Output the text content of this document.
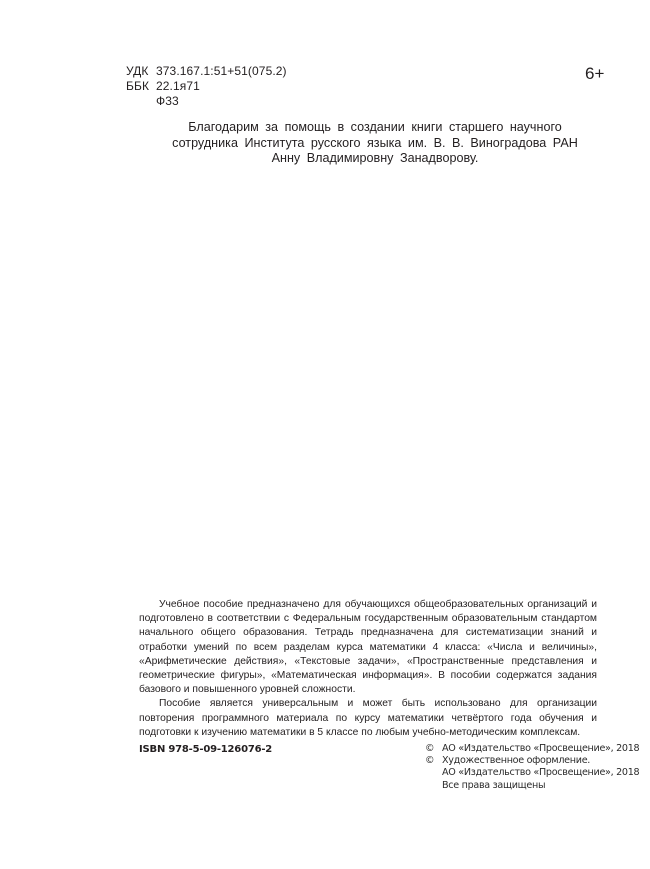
УДК 373.167.1:51+51(075.2)
ББК 22.1я71
Ф33
6+
Благодарим за помощь в создании книги старшего научного
сотрудника Института русского языка им. В. В. Виноградова РАН
Анну Владимировну Занадворову.

Учебное пособие предназначено для обучающихся общеобразовательных организаций и подготовлено в соответствии с Федеральным государственным образовательным стандартом начального общего образования. Тетрадь предназначена для систематизации знаний и отработки умений по всем разделам курса математики 4 класса: «Числа и величины», «Арифметические действия», «Текстовые задачи», «Пространственные представления и геометрические фигуры», «Математическая информация». В пособии содержатся задания базового и повышенного уровней сложности.

Пособие является универсальным и может быть использовано для организации повторения программного материала по курсу математики четвёртого года обучения и подготовки к изучению математики в 5 классе по любым учебно-методическим комплексам.

ISBN 978-5-09-126076-2	© АО «Издательство «Просвещение», 2018
© Художественное оформление.
АО «Издательство «Просвещение», 2018
Все права защищены
